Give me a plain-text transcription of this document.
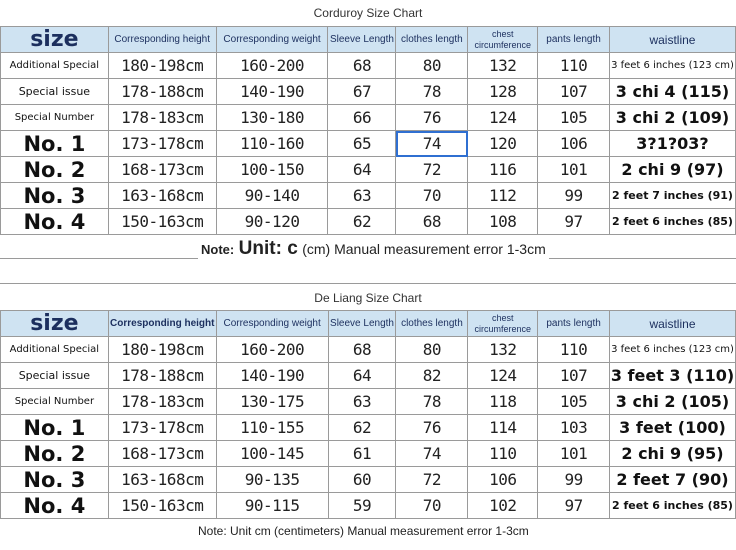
Corduroy Size Chart
size	Corresponding height	Corresponding weight	Sleeve Length	clothes length	chest circumference	pants length	waistline
Additional Special	180-198cm	160-200	68	80	132	110	3 feet 6 inches (123 cm)
Special issue	178-188cm	140-190	67	78	128	107	3 chi 4 (115)
Special Number	178-183cm	130-180	66	76	124	105	3 chi 2 (109)
No. 1	173-178cm	110-160	65	74	120	106	3?1?03?
No. 2	168-173cm	100-150	64	72	116	101	2 chi 9 (97)
No. 3	163-168cm	90-140	63	70	112	99	2 feet 7 inches (91)
No. 4	150-163cm	90-120	62	68	108	97	2 feet 6 inches (85)
Note: Unit: c (cm) Manual measurement error 1-3cm
De Liang Size Chart
size	Corresponding height	Corresponding weight	Sleeve Length	clothes length	chest circumference	pants length	waistline
Additional Special	180-198cm	160-200	68	80	132	110	3 feet 6 inches (123 cm)
Special issue	178-188cm	140-190	64	82	124	107	3 feet 3 (110)
Special Number	178-183cm	130-175	63	78	118	105	3 chi 2 (105)
No. 1	173-178cm	110-155	62	76	114	103	3 feet (100)
No. 2	168-173cm	100-145	61	74	110	101	2 chi 9 (95)
No. 3	163-168cm	90-135	60	72	106	99	2 feet 7 (90)
No. 4	150-163cm	90-115	59	70	102	97	2 feet 6 inches (85)
Note: Unit cm (centimeters) Manual measurement error 1-3cm
